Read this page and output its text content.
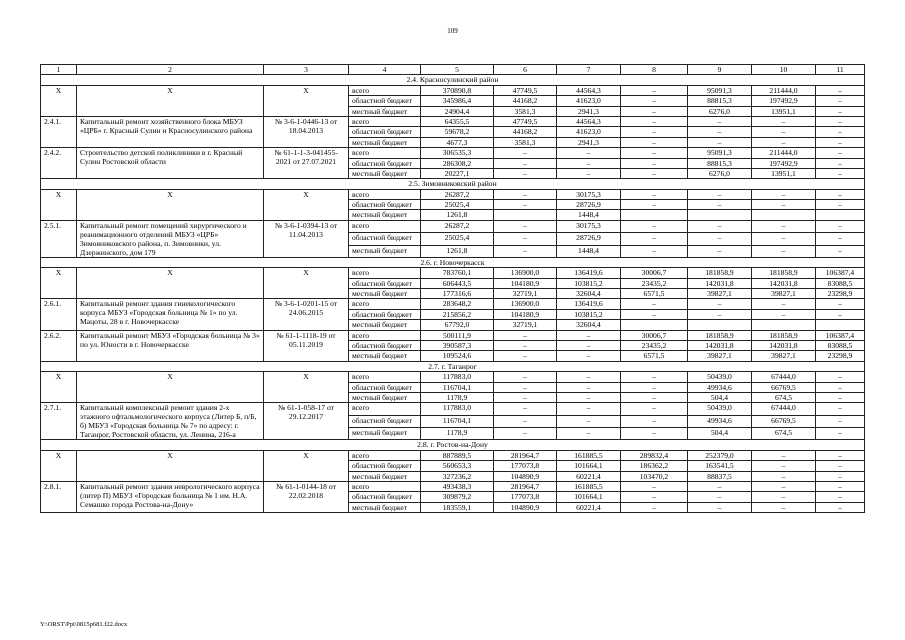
109
1	2	3	4	5	6	7	8	9	10	11
2.4. Красносулинский район										
X	X	X	всего	370890,8	47749,5	44564,3	–	95091,3	211444,0	–
			областной бюджет	345986,4	44168,2	41623,0	–	88815,3	197492,9	–
			местный бюджет	24904,4	3581,3	2941,3	–	6276,0	13951,1	–
2.4.1.	Капитальный ремонт хозяйственного блока МБУЗ «ЦРБ» г. Красный Сулин и Красносулинского района	№ 3-6-1-0446-13 от 18.04.2013	всего	64355,5	47749,5	44564,3	–	–	–	–
			областной бюджет	59678,2	44168,2	41623,0	–	–	–	–
			местный бюджет	4677,3	3581,3	2941,3	–	–	–	–
2.4.2.	Строительство детской поликлиники в г. Красный Сулин Ростовской области	№ 61-1-1-3-041455-2021 от 27.07.2021	всего	306535,3	–	–	–	95091,3	211444,0	–
			областной бюджет	286308,2	–	–	–	88815,3	197492,9	–
			местный бюджет	20227,1	–	–	–	6276,0	13951,1	–
2.5. Зимовниковский район										
X	X	X	всего	26287,2	–	30175,3	–	–	–	–
			областной бюджет	25025,4	–	28726,9	–	–	–	–
			местный бюджет	1261,8		1448,4				
2.5.1.	Капитальный ремонт помещений хирургического и реанимационного отделений МБУЗ «ЦРБ» Зимовниковского района, п. Зимовники, ул. Дзержинского, дом 179	№ 3-6-1-0394-13 от 11.04.2013	всего	26287,2	–	30175,3	–	–	–	–
			областной бюджет	25025,4	–	28726,9	–	–	–	–
			местный бюджет	1261,8	–	1448,4	–	–	–	–
2.6. г. Новочеркасск										
X	X	X	всего	783760,1	136900,0	136419,6	30006,7	181858,9	181858,9	106387,4
			областной бюджет	606443,5	104180,9	103815,2	23435,2	142031,8	142031,8	83088,5
			местный бюджет	177316,6	32719,1	32604,4	6571,5	39827,1	39827,1	23298,9
2.6.1.	Капитальный ремонт здания гинекологического корпуса МБУЗ «Городская больница № 1» по ул. Мацоты, 28 в г. Новочеркасске	№ 3-6-1-0201-15 от 24.06.2015	всего	283648,2	136900,0	136419,6	–	–	–	–
			областной бюджет	215856,2	104180,9	103815,2	–	–	–	–
			местный бюджет	67792,0	32719,1	32604,4				
2.6.2.	Капитальный ремонт МБУЗ «Городская больница № 3» по ул. Юности в г. Новочеркасске	№ 61-1-1118-19 от 05.11.2019	всего	500111,9	–	–	30006,7	181858,9	181858,9	106387,4
			областной бюджет	390587,3	–	–	23435,2	142031,8	142031,8	83088,5
			местный бюджет	109524,6	–	–	6571,5	39827,1	39827,1	23298,9
2.7. г. Таганрог										
X	X	X	всего	117883,0	–	–	–	50439,0	67444,0	–
			областной бюджет	116704,1	–	–	–	49934,6	66769,5	–
			местный бюджет	1178,9	–	–	–	504,4	674,5	–
2.7.1.	Капитальный комплексный ремонт здания 2-х этажного офтальмологического корпуса (Литер Б, п/Б, б) МБУЗ «Городская больница № 7» по адресу: г. Таганрог, Ростовской области, ул. Ленина, 216-а	№ 61-1-058-17 от 29.12.2017	всего	117883,0	–	–	–	50439,0	67444,0	–
			областной бюджет	116704,1	–	–	–	49934,6	66769,5	–
			местный бюджет	1178,9	–	–	–	504,4	674,5	–
2.8. г. Ростов-на-Дону										
X	X	X	всего	887889,5	281964,7	161885,5	289832,4	252379,0	–	–
			областной бюджет	560653,3	177073,8	101664,1	186362,2	163541,5	–	–
			местный бюджет	327236,2	104890,9	60221,4	103470,2	88837,5	–	–
2.8.1.	Капитальный ремонт здания неврологического корпуса (литер П) МБУЗ «Городская больница № 1 им. Н.А. Семашко города Ростова-на-Дону»	№ 61-1-0144-18 от 22.02.2018	всего	493438,3	281964,7	161885,5	–	–	–	–
			областной бюджет	309879,2	177073,8	101664,1	–	–	–	–
			местный бюджет	183559,1	104890,9	60221,4	–	–	–	–
Y:\ORST\Ppi\0815p681.f22.docx
